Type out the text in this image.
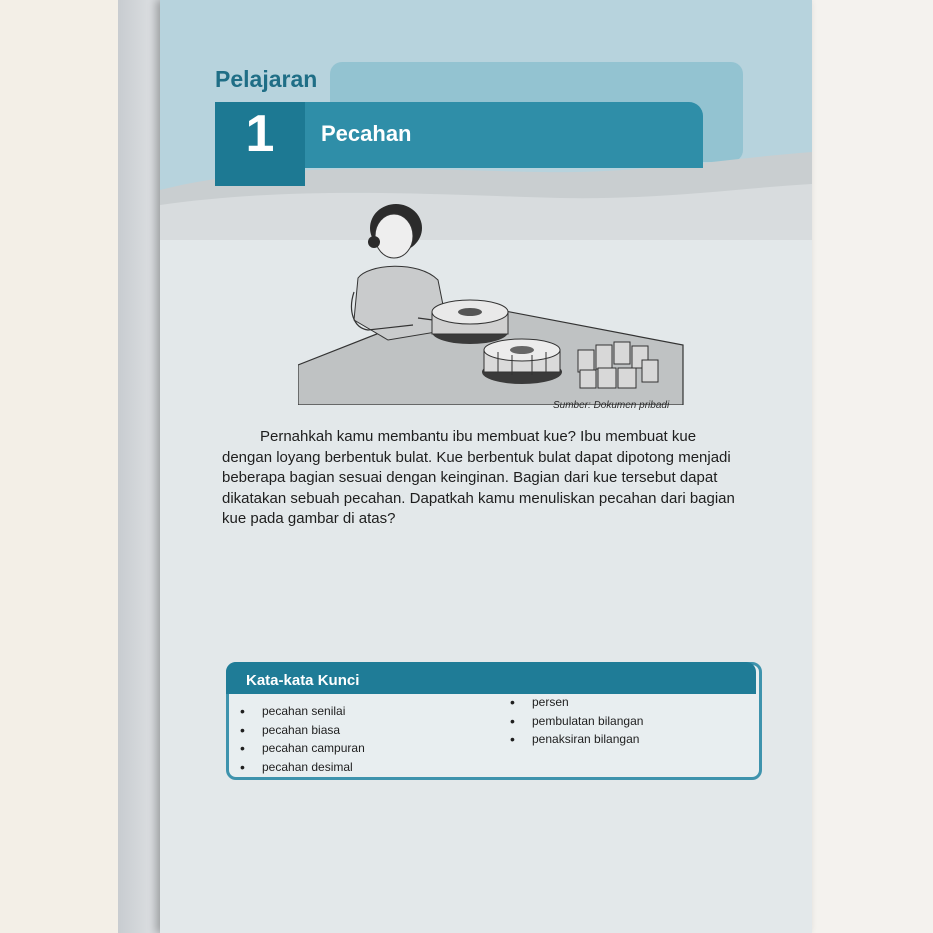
Pelajaran
1	Pecahan
Sumber: Dokumen pribadi

Pernahkah kamu membantu ibu membuat kue? Ibu membuat kue dengan loyang berbentuk bulat. Kue berbentuk bulat dapat dipotong menjadi beberapa bagian sesuai dengan keinginan. Bagian dari kue tersebut dapat dikatakan sebuah pecahan. Dapatkah kamu menuliskan pecahan dari bagian kue pada gambar di atas?

Kata-kata Kunci
• pecahan senilai
• pecahan biasa
• pecahan campuran
• pecahan desimal
• persen
• pembulatan bilangan
• penaksiran bilangan
